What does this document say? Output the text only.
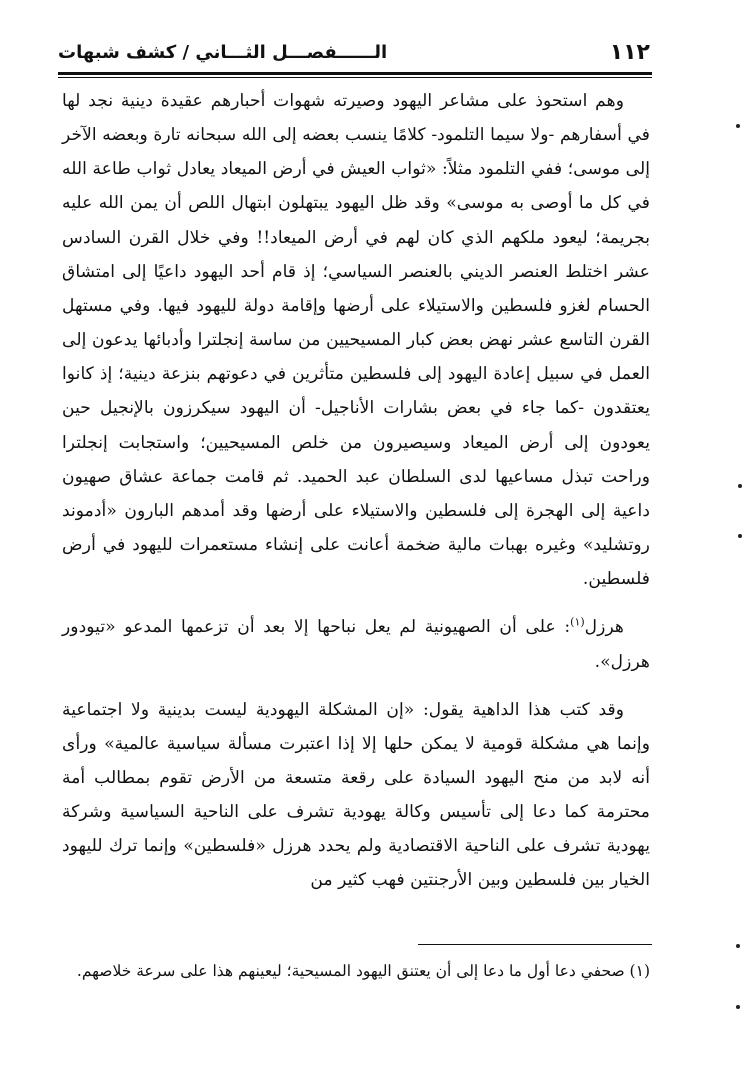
١١٢
الــــــفصـــل الثـــاني / كشف شبهات

وهم استحوذ على مشاعر اليهود وصيرته شهوات أحبارهم عقيدة دينية نجد لها في أسفارهم -ولا سيما التلمود- كلامًا ينسب بعضه إلى الله سبحانه تارة وبعضه الآخر إلى موسى؛ ففي التلمود مثلاً: «ثواب العيش في أرض الميعاد يعادل ثواب طاعة الله في كل ما أوصى به موسى» وقد ظل اليهود يبتهلون ابتهال اللص أن يمن الله عليه بجريمة؛ ليعود ملكهم الذي كان لهم في أرض الميعاد!! وفي خلال القرن السادس عشر اختلط العنصر الديني بالعنصر السياسي؛ إذ قام أحد اليهود داعيًا إلى امتشاق الحسام لغزو فلسطين والاستيلاء على أرضها وإقامة دولة لليهود فيها. وفي مستهل القرن التاسع عشر نهض بعض كبار المسيحيين من ساسة إنجلترا وأدبائها يدعون إلى العمل في سبيل إعادة اليهود إلى فلسطين متأثرين في دعوتهم بنزعة دينية؛ إذ كانوا يعتقدون -كما جاء في بعض بشارات الأناجيل- أن اليهود سيكرزون بالإنجيل حين يعودون إلى أرض الميعاد وسيصيرون من خلص المسيحيين؛ واستجابت إنجلترا وراحت تبذل مساعيها لدى السلطان عبد الحميد. ثم قامت جماعة عشاق صهيون داعية إلى الهجرة إلى فلسطين والاستيلاء على أرضها وقد أمدهم البارون «أدموند روتشليد» وغيره بهبات مالية ضخمة أعانت على إنشاء مستعمرات لليهود في أرض فلسطين.

هرزل$^{(١)}$: على أن الصهيونية لم يعل نباحها إلا بعد أن تزعمها المدعو «تيودور هرزل».

وقد كتب هذا الداهية يقول: «إن المشكلة اليهودية ليست بدينية ولا اجتماعية وإنما هي مشكلة قومية لا يمكن حلها إلا إذا اعتبرت مسألة سياسية عالمية» ورأى أنه لابد من منح اليهود السيادة على رقعة متسعة من الأرض تقوم بمطالب أمة محترمة كما دعا إلى تأسيس وكالة يهودية تشرف على الناحية السياسية وشركة يهودية تشرف على الناحية الاقتصادية ولم يحدد هرزل «فلسطين» وإنما ترك لليهود الخيار بين فلسطين وبين الأرجنتين فهب كثير من

(١) صحفي دعا أول ما دعا إلى أن يعتنق اليهود المسيحية؛ ليعينهم هذا على سرعة خلاصهم.
